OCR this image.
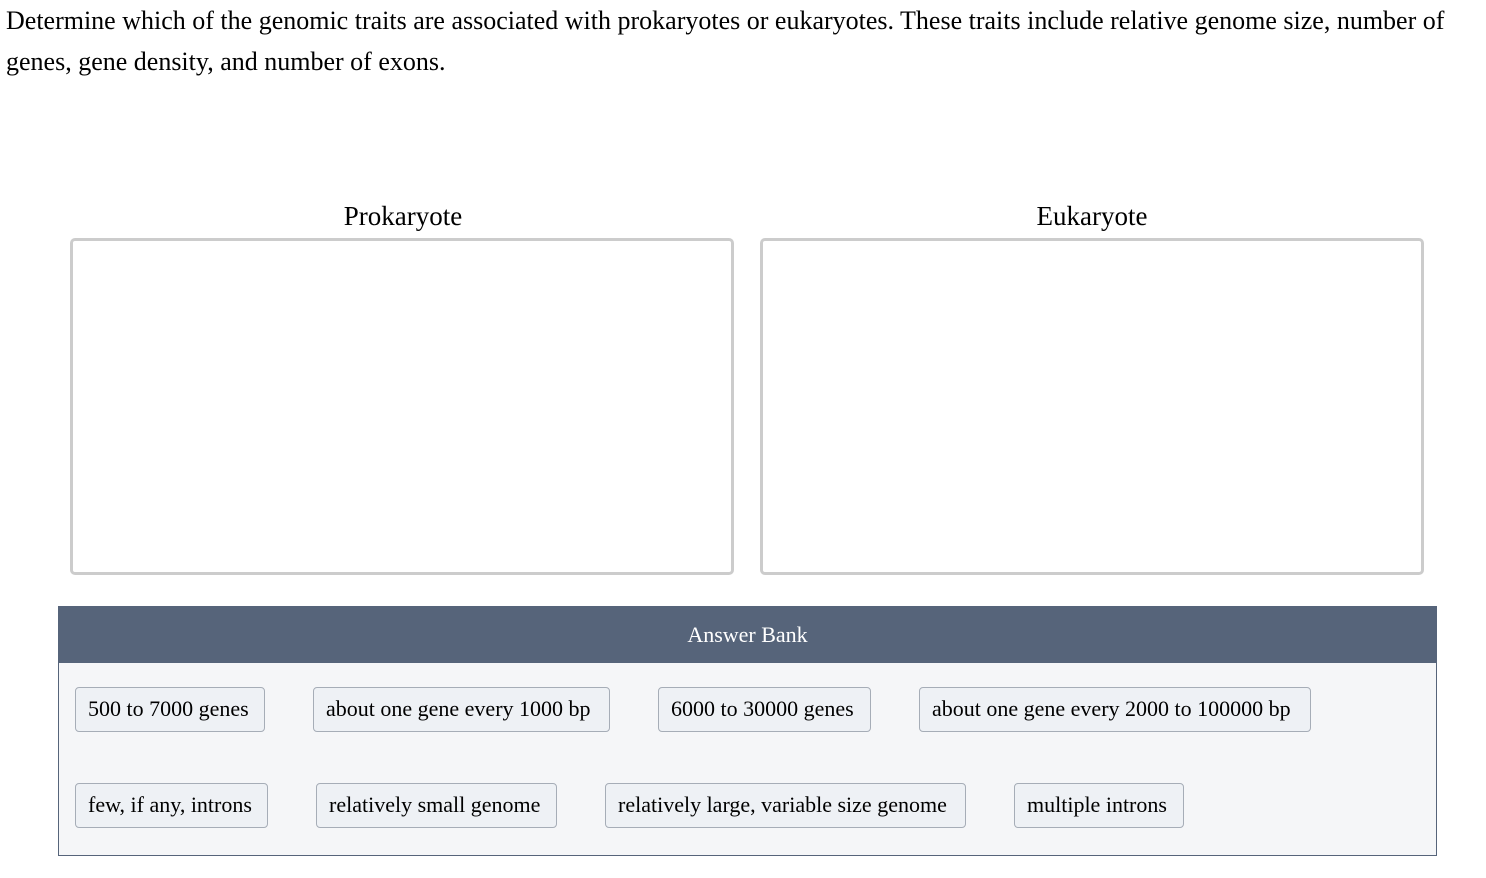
Determine which of the genomic traits are associated with prokaryotes or eukaryotes. These traits include relative genome size, number of genes, gene density, and number of exons.

Prokaryote	Eukaryote
Answer Bank
500 to 7000 genes	about one gene every 1000 bp	6000 to 30000 genes	about one gene every 2000 to 100000 bp
few, if any, introns	relatively small genome	relatively large, variable size genome	multiple introns
